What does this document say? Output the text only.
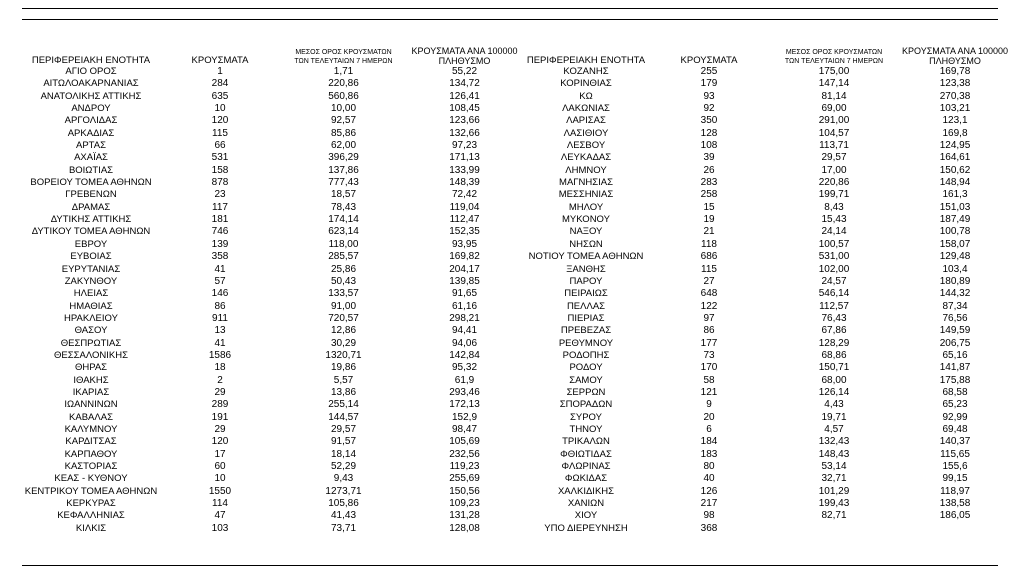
ΠΕΡΙΦΕΡΕΙΑΚΗ ΕΝΟΤΗΤΑ	ΚΡΟΥΣΜΑΤΑ	ΜΕΣΟΣ ΟΡΟΣ ΚΡΟΥΣΜΑΤΩΝ
ΤΩΝ ΤΕΛΕΥΤΑΙΩΝ 7 ΗΜΕΡΩΝ	ΚΡΟΥΣΜΑΤΑ ΑΝΑ 100000
ΠΛΗΘΥΣΜΟ
ΑΓΙΟ ΟΡΟΣ	1	1,71	55,22
ΑΙΤΩΛΟΑΚΑΡΝΑΝΙΑΣ	284	220,86	134,72
ΑΝΑΤΟΛΙΚΗΣ ΑΤΤΙΚΗΣ	635	560,86	126,41
ΑΝΔΡΟΥ	10	10,00	108,45
ΑΡΓΟΛΙΔΑΣ	120	92,57	123,66
ΑΡΚΑΔΙΑΣ	115	85,86	132,66
ΑΡΤΑΣ	66	62,00	97,23
ΑΧΑΪΑΣ	531	396,29	171,13
ΒΟΙΩΤΙΑΣ	158	137,86	133,99
ΒΟΡΕΙΟΥ ΤΟΜΕΑ ΑΘΗΝΩΝ	878	777,43	148,39
ΓΡΕΒΕΝΩΝ	23	18,57	72,42
ΔΡΑΜΑΣ	117	78,43	119,04
ΔΥΤΙΚΗΣ ΑΤΤΙΚΗΣ	181	174,14	112,47
ΔΥΤΙΚΟΥ ΤΟΜΕΑ ΑΘΗΝΩΝ	746	623,14	152,35
ΕΒΡΟΥ	139	118,00	93,95
ΕΥΒΟΙΑΣ	358	285,57	169,82
ΕΥΡΥΤΑΝΙΑΣ	41	25,86	204,17
ΖΑΚΥΝΘΟΥ	57	50,43	139,85
ΗΛΕΙΑΣ	146	133,57	91,65
ΗΜΑΘΙΑΣ	86	91,00	61,16
ΗΡΑΚΛΕΙΟΥ	911	720,57	298,21
ΘΑΣΟΥ	13	12,86	94,41
ΘΕΣΠΡΩΤΙΑΣ	41	30,29	94,06
ΘΕΣΣΑΛΟΝΙΚΗΣ	1586	1320,71	142,84
ΘΗΡΑΣ	18	19,86	95,32
ΙΘΑΚΗΣ	2	5,57	61,9
ΙΚΑΡΙΑΣ	29	13,86	293,46
ΙΩΑΝΝΙΝΩΝ	289	255,14	172,13
ΚΑΒΑΛΑΣ	191	144,57	152,9
ΚΑΛΥΜΝΟΥ	29	29,57	98,47
ΚΑΡΔΙΤΣΑΣ	120	91,57	105,69
ΚΑΡΠΑΘΟΥ	17	18,14	232,56
ΚΑΣΤΟΡΙΑΣ	60	52,29	119,23
ΚΕΑΣ - ΚΥΘΝΟΥ	10	9,43	255,69
ΚΕΝΤΡΙΚΟΥ ΤΟΜΕΑ ΑΘΗΝΩΝ	1550	1273,71	150,56
ΚΕΡΚΥΡΑΣ	114	105,86	109,23
ΚΕΦΑΛΛΗΝΙΑΣ	47	41,43	131,28
ΚΙΛΚΙΣ	103	73,71	128,08
ΠΕΡΙΦΕΡΕΙΑΚΗ ΕΝΟΤΗΤΑ	ΚΡΟΥΣΜΑΤΑ	ΜΕΣΟΣ ΟΡΟΣ ΚΡΟΥΣΜΑΤΩΝ
ΤΩΝ ΤΕΛΕΥΤΑΙΩΝ 7 ΗΜΕΡΩΝ	ΚΡΟΥΣΜΑΤΑ ΑΝΑ 100000
ΠΛΗΘΥΣΜΟ
ΚΟΖΑΝΗΣ	255	175,00	169,78
ΚΟΡΙΝΘΙΑΣ	179	147,14	123,38
ΚΩ	93	81,14	270,38
ΛΑΚΩΝΙΑΣ	92	69,00	103,21
ΛΑΡΙΣΑΣ	350	291,00	123,1
ΛΑΣΙΘΙΟΥ	128	104,57	169,8
ΛΕΣΒΟΥ	108	113,71	124,95
ΛΕΥΚΑΔΑΣ	39	29,57	164,61
ΛΗΜΝΟΥ	26	17,00	150,62
ΜΑΓΝΗΣΙΑΣ	283	220,86	148,94
ΜΕΣΣΗΝΙΑΣ	258	199,71	161,3
ΜΗΛΟΥ	15	8,43	151,03
ΜΥΚΟΝΟΥ	19	15,43	187,49
ΝΑΞΟΥ	21	24,14	100,78
ΝΗΣΩΝ	118	100,57	158,07
ΝΟΤΙΟΥ ΤΟΜΕΑ ΑΘΗΝΩΝ	686	531,00	129,48
ΞΑΝΘΗΣ	115	102,00	103,4
ΠΑΡΟΥ	27	24,57	180,89
ΠΕΙΡΑΙΩΣ	648	546,14	144,32
ΠΕΛΛΑΣ	122	112,57	87,34
ΠΙΕΡΙΑΣ	97	76,43	76,56
ΠΡΕΒΕΖΑΣ	86	67,86	149,59
ΡΕΘΥΜΝΟΥ	177	128,29	206,75
ΡΟΔΟΠΗΣ	73	68,86	65,16
ΡΟΔΟΥ	170	150,71	141,87
ΣΑΜΟΥ	58	68,00	175,88
ΣΕΡΡΩΝ	121	126,14	68,58
ΣΠΟΡΑΔΩΝ	9	4,43	65,23
ΣΥΡΟΥ	20	19,71	92,99
ΤΗΝΟΥ	6	4,57	69,48
ΤΡΙΚΑΛΩΝ	184	132,43	140,37
ΦΘΙΩΤΙΔΑΣ	183	148,43	115,65
ΦΛΩΡΙΝΑΣ	80	53,14	155,6
ΦΩΚΙΔΑΣ	40	32,71	99,15
ΧΑΛΚΙΔΙΚΗΣ	126	101,29	118,97
ΧΑΝΙΩΝ	217	199,43	138,58
ΧΙΟΥ	98	82,71	186,05
ΥΠΟ ΔΙΕΡΕΥΝΗΣΗ	368		
